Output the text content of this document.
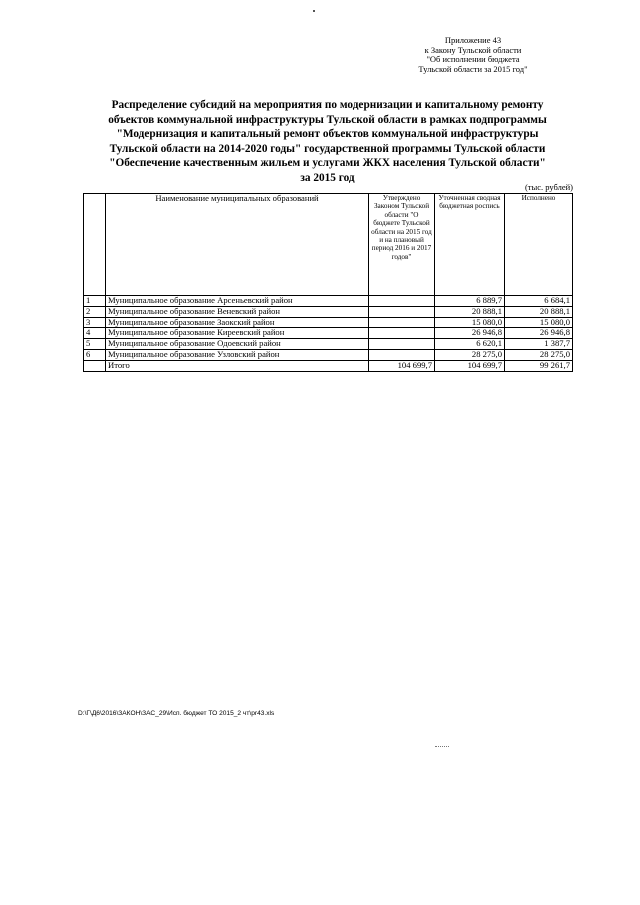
Приложение 43
к Закону Тульской области
"Об исполнении бюджета
Тульской области за 2015 год"
Распределение субсидий на мероприятия по модернизации и капитальному ремонту
объектов коммунальной инфраструктуры Тульской области в рамках подпрограммы
"Модернизация и капитальный ремонт объектов коммунальной инфраструктуры
Тульской области на 2014-2020 годы" государственной программы Тульской области
"Обеспечение качественным жильем и услугами ЖКХ населения Тульской области"
за 2015 год
(тыс. рублей)
	Наименование муниципальных образований	Утверждено Законом Тульской области "О бюджете Тульской области на 2015 год и на плановый период 2016 и 2017 годов"	Уточненная сводная бюджетная роспись	Исполнено
1	Муниципальное образование Арсеньевский район		6 889,7	6 684,1
2	Муниципальное образование Веневский район		20 888,1	20 888,1
3	Муниципальное образование Заокский район		15 080,0	15 080,0
4	Муниципальное образование Киреевский район		26 946,8	26 946,8
5	Муниципальное образование Одоевский район		6 620,1	1 387,7
6	Муниципальное образование Узловский район		28 275,0	28 275,0
	Итого	104 699,7	104 699,7	99 261,7
D:\Г\Д6\2016\ЗАКОН\ЗАС_29\Исп. бюджет ТО 2015_2 чт\pr43.xls
